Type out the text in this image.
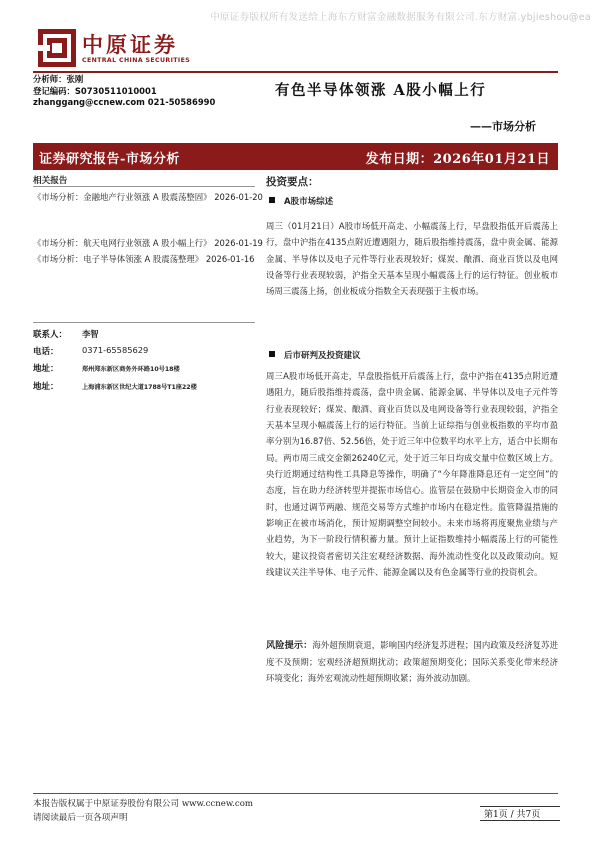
中原证券版权所有发送给上海东方财富金融数据服务有限公司.东方财富.ybjieshou@ea
中原证券
CENTRAL CHINA SECURITIES
分析师：张刚
登记编码：S0730511010001
zhanggang@ccnew.com 021-50586990
有色半导体领涨 A股小幅上行
——市场分析
证券研究报告-市场分析	发布日期：2026年01月21日
相关报告
《市场分析：金融地产行业领涨 A 股震荡整固》 2026-01-20
《市场分析：航天电网行业领涨 A 股小幅上行》 2026-01-19
《市场分析：电子半导体领涨 A 股震荡整理》 2026-01-16
联系人： 李智
电话：	0371-65585629
地址：	郑州郑东新区商务外环路10号18楼
地址：	上海浦东新区世纪大道1788号T1座22楼
投资要点：
A股市场综述
周三（01月21日）A股市场低开高走、小幅震荡上行，早盘股指低开后震荡上行，盘中沪指在4135点附近遭遇阻力，随后股指维持震荡，盘中贵金属、能源金属、半导体以及电子元件等行业表现较好；煤炭、酿酒、商业百货以及电网设备等行业表现较弱，沪指全天基本呈现小幅震荡上行的运行特征。创业板市场周三震荡上扬，创业板成分指数全天表现强于主板市场。
后市研判及投资建议
周三A股市场低开高走，早盘股指低开后震荡上行，盘中沪指在4135点附近遭遇阻力，随后股指维持震荡，盘中贵金属、能源金属、半导体以及电子元件等行业表现较好；煤炭、酿酒、商业百货以及电网设备等行业表现较弱，沪指全天基本呈现小幅震荡上行的运行特征。当前上证综指与创业板指数的平均市盈率分别为16.87倍、52.56倍，处于近三年中位数平均水平上方，适合中长期布局。两市周三成交金额26240亿元，处于近三年日均成交量中位数区域上方。央行近期通过结构性工具降息等操作，明确了“今年降准降息还有一定空间”的态度，旨在助力经济转型并提振市场信心。监管层在鼓励中长期资金入市的同时，也通过调节两融、规范交易等方式维护市场内在稳定性。监管降温措施的影响正在被市场消化，预计短期调整空间较小。未来市场将再度聚焦业绩与产业趋势，为下一阶段行情积蓄力量。预计上证指数维持小幅震荡上行的可能性较大，建议投资者密切关注宏观经济数据、海外流动性变化以及政策动向。短线建议关注半导体、电子元件、能源金属以及有色金属等行业的投资机会。
风险提示：海外超预期衰退，影响国内经济复苏进程；国内政策及经济复苏进度不及预期；宏观经济超预期扰动；政策超预期变化；国际关系变化带来经济环境变化；海外宏观流动性超预期收紧；海外波动加剧。
本报告版权属于中原证券股份有限公司 www.ccnew.com
请阅读最后一页各项声明	第1页 / 共7页
